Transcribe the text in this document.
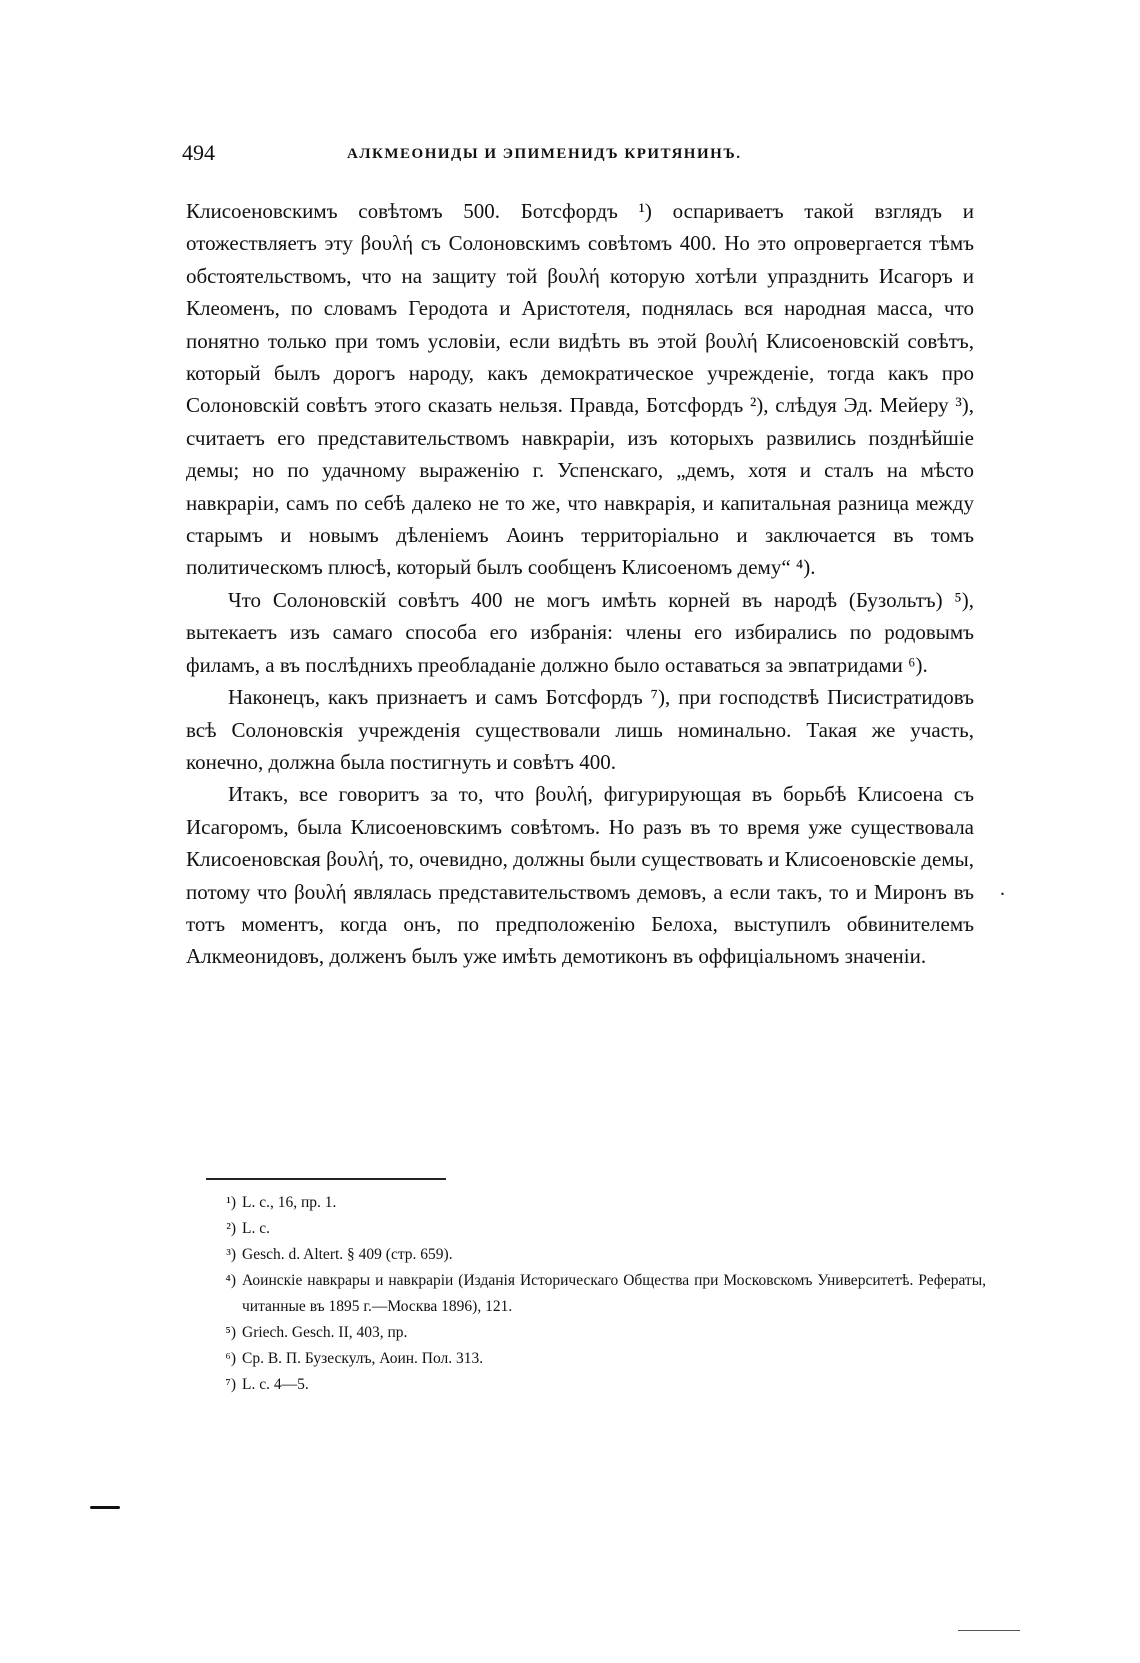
494	АЛКМЕОНИДЫ И ЭПИМЕНИДЪ КРИТЯНИНЪ.

Клисоеновскимъ совѣтомъ 500. Ботсфордъ ¹) оспариваетъ такой взглядъ и отожествляетъ эту βουλή съ Солоновскимъ совѣтомъ 400. Но это опровергается тѣмъ обстоятельствомъ, что на защиту той βουλή которую хотѣли упразднить Исагоръ и Клеоменъ, по словамъ Геродота и Аристотеля, поднялась вся народная масса, что понятно только при томъ условіи, если видѣть въ этой βουλή Клисоеновскій совѣтъ, который былъ дорогъ народу, какъ демократическое учрежденіе, тогда какъ про Солоновскій совѣтъ этого сказать нельзя. Правда, Ботсфордъ ²), слѣдуя Эд. Мейеру ³), считаетъ его представительствомъ навкраріи, изъ которыхъ развились позднѣйшіе демы; но по удачному выраженію г. Успенскаго, „демъ, хотя и сталъ на мѣсто навкраріи, самъ по себѣ далеко не то же, что навкрарія, и капитальная разница между старымъ и новымъ дѣленіемъ Аоинъ территоріально и заключается въ томъ политическомъ плюсѣ, который былъ сообщенъ Клисоеномъ дему“ ⁴).

Что Солоновскій совѣтъ 400 не могъ имѣть корней въ народѣ (Бузольтъ) ⁵), вытекаетъ изъ самаго способа его избранія: члены его избирались по родовымъ филамъ, а въ послѣднихъ преобладаніе должно было оставаться за эвпатридами ⁶).

Наконецъ, какъ признаетъ и самъ Ботсфордъ ⁷), при господствѣ Писистратидовъ всѣ Солоновскія учрежденія существовали лишь номинально. Такая же участь, конечно, должна была постигнуть и совѣтъ 400.

Итакъ, все говоритъ за то, что βουλή, фигурирующая въ борьбѣ Клисоена съ Исагоромъ, была Клисоеновскимъ совѣтомъ. Но разъ въ то время уже существовала Клисоеновская βουλή, то, очевидно, должны были существовать и Клисоеновскіе демы, потому что βουλή являлась представительствомъ демовъ, а если такъ, то и Миронъ въ тотъ моментъ, когда онъ, по предположенію Белоха, выступилъ обвинителемъ Алкмеонидовъ, долженъ былъ уже имѣть демотиконъ въ оффиціальномъ значеніи.

.
¹) L. c., 16, пр. 1.
²) L. c.
³) Gesch. d. Altert. § 409 (стр. 659).
⁴) Аоинскіе навкрары и навкраріи (Изданія Историческаго Общества при Московскомъ Университетѣ. Рефераты, читанные въ 1895 г.—Москва 1896), 121.
⁵) Griech. Gesch. II, 403, пр.
⁶) Ср. В. П. Бузескулъ, Аоин. Пол. 313.
⁷) L. c. 4—5.
